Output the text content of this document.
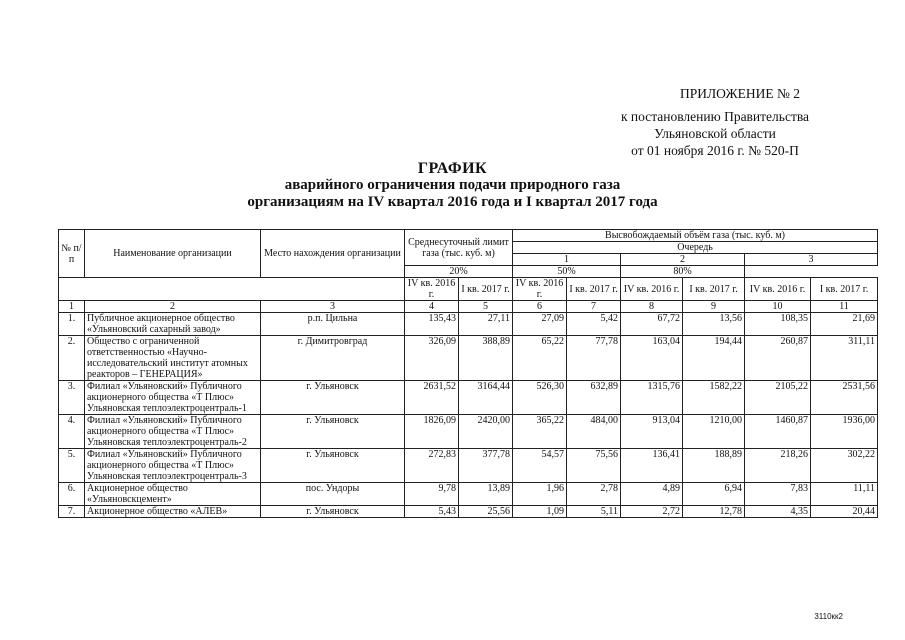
ПРИЛОЖЕНИЕ № 2
к постановлению Правительства
Ульяновской области
от 01 ноября 2016 г. № 520-П
ГРАФИК
аварийного ограничения подачи природного газа
организациям на IV квартал 2016 года и I квартал 2017 года
№ п/п	Наименование организации	Место нахождения организации	Среднесуточный лимит газа (тыс. куб. м)		Высвобождаемый объём газа (тыс. куб. м)					
					Очередь					
					1		2		3	
			20%		50%		80%			
			IV кв. 2016 г.	I кв. 2017 г.	IV кв. 2016 г.	I кв. 2017 г.	IV кв. 2016 г.	I кв. 2017 г.	IV кв. 2016 г.	I кв. 2017 г.
1	2	3	4	5	6	7	8	9	10	11
1.	Публичное акционерное общество «Ульяновский сахарный завод»	р.п. Цильна	135,43	27,11	27,09	5,42	67,72	13,56	108,35	21,69
2.	Общество с ограниченной ответственностью «Научно-исследовательский институт атомных реакторов – ГЕНЕРАЦИЯ»	г. Димитровград	326,09	388,89	65,22	77,78	163,04	194,44	260,87	311,11
3.	Филиал «Ульяновский» Публичного акционерного общества «Т Плюс» Ульяновская теплоэлектроцентраль-1	г. Ульяновск	2631,52	3164,44	526,30	632,89	1315,76	1582,22	2105,22	2531,56
4.	Филиал «Ульяновский» Публичного акционерного общества «Т Плюс» Ульяновская теплоэлектроцентраль-2	г. Ульяновск	1826,09	2420,00	365,22	484,00	913,04	1210,00	1460,87	1936,00
5.	Филиал «Ульяновский» Публичного акционерного общества «Т Плюс» Ульяновская теплоэлектроцентраль-3	г. Ульяновск	272,83	377,78	54,57	75,56	136,41	188,89	218,26	302,22
6.	Акционерное общество «Ульяновскцемент»	пос. Ундоры	9,78	13,89	1,96	2,78	4,89	6,94	7,83	11,11
7.	Акционерное общество «АЛЕВ»	г. Ульяновск	5,43	25,56	1,09	5,11	2,72	12,78	4,35	20,44
3110кк2
